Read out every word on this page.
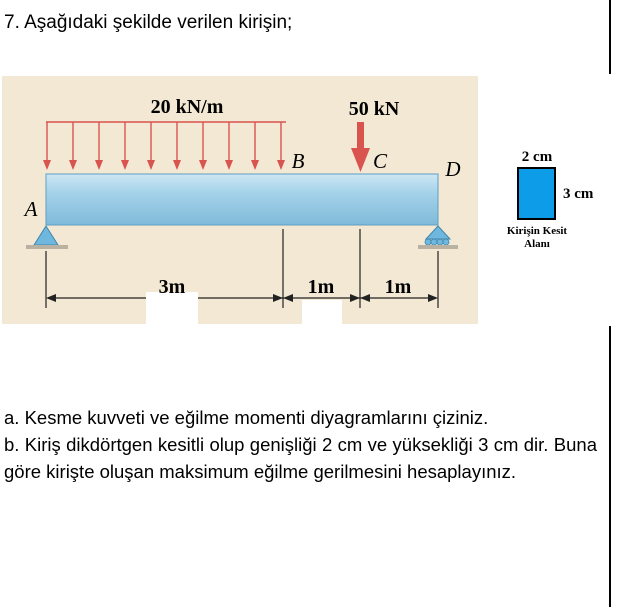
7. Aşağıdaki şekilde verilen kirişin;
20 kN/m	50 kN
B	C	D
A
3m	1m	1m
2 cm
3 cm
Kirişin Kesit
Alanı
a. Kesme kuvveti ve eğilme momenti diyagramlarını çiziniz.
b. Kiriş dikdörtgen kesitli olup genişliği 2 cm ve yüksekliği 3 cm dir. Buna göre kirişte oluşan maksimum eğilme gerilmesini hesaplayınız.
